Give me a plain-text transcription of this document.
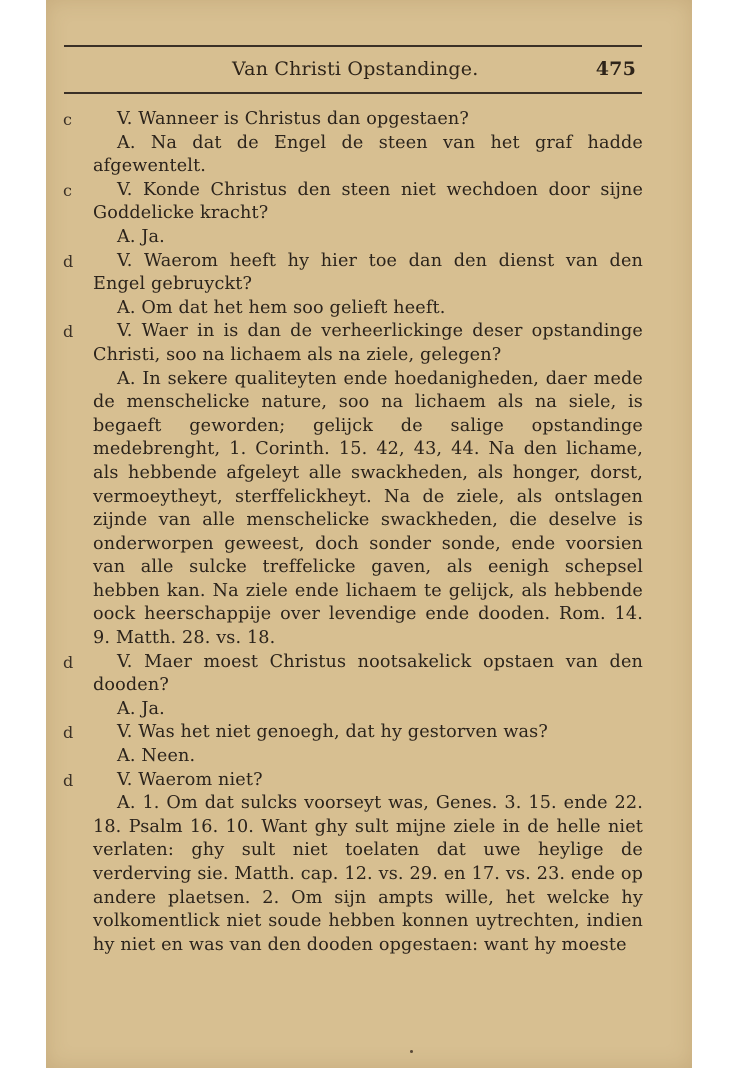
Van Christi Opstandinge.	475
c	V. Wanneer is Christus dan opgestaen?
A. Na dat de Engel de steen van het graf hadde afgewentelt.
c	V. Konde Christus den steen niet wechdoen door sijne Goddelicke kracht?
A. Ja.
d V. Waerom heeft hy hier toe dan den dienst van den Engel gebruyckt?
A. Om dat het hem soo gelieft heeft.
d V. Waer in is dan de verheerlickinge deser opstandinge Christi, soo na lichaem als na ziele, gelegen?
A. In sekere qualiteyten ende hoedanigheden, daer mede de menschelicke nature, soo na lichaem als na siele, is begaeft geworden; gelijck de salige opstandinge medebrenght, 1. Corinth. 15. 42, 43, 44. Na den lichame, als hebbende afgeleyt alle swackheden, als honger, dorst, vermoeytheyt, sterffelickheyt. Na de ziele, als ontslagen zijnde van alle menschelicke swackheden, die deselve is onderworpen geweest, doch sonder sonde, ende voorsien van alle sulcke treffelicke gaven, als eenigh schepsel hebben kan. Na ziele ende lichaem te gelijck, als hebbende oock heerschappije over levendige ende dooden. Rom. 14. 9. Matth. 28. vs. 18.
d V. Maer moest Christus nootsakelick opstaen van den dooden?
A. Ja.
d V. Was het niet genoegh, dat hy gestorven was?
A. Neen.
d V. Waerom niet?
A. 1. Om dat sulcks voorseyt was, Genes. 3. 15. ende 22. 18. Psalm 16. 10. Want ghy sult mijne ziele in de helle niet verlaten: ghy sult niet toelaten dat uwe heylige de verderving sie. Matth. cap. 12. vs. 29. en 17. vs. 23. ende op andere plaetsen. 2. Om sijn ampts wille, het welcke hy volkomentlick niet soude hebben konnen uytrechten, indien hy niet en was van den dooden opgestaen: want hy moeste
